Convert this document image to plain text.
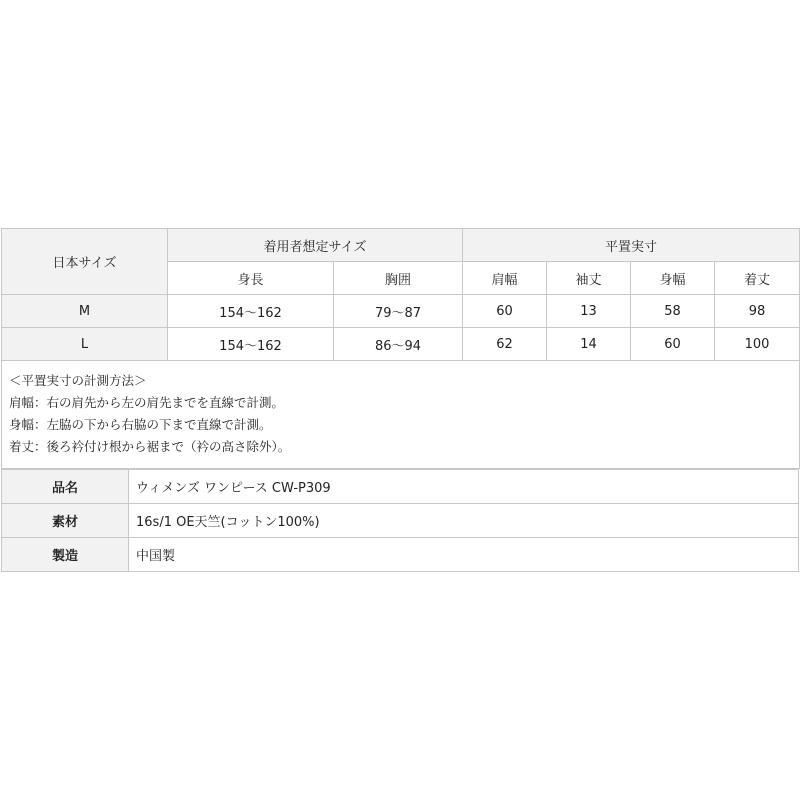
日本サイズ	着用者想定サイズ		平置実寸			
	身長	胸囲	肩幅	袖丈	身幅	着丈
M	154〜162	79〜87	60	13	58	98
L	154〜162	86〜94	62	14	60	100

＜平置実寸の計測方法＞
肩幅：右の肩先から左の肩先までを直線で計測。
身幅：左脇の下から右脇の下まで直線で計測。
着丈：後ろ衿付け根から裾まで（衿の高さ除外）。						
品名	ウィメンズ ワンピース CW-P309
素材	16s/1 OE天竺(コットン100%)
製造	中国製
